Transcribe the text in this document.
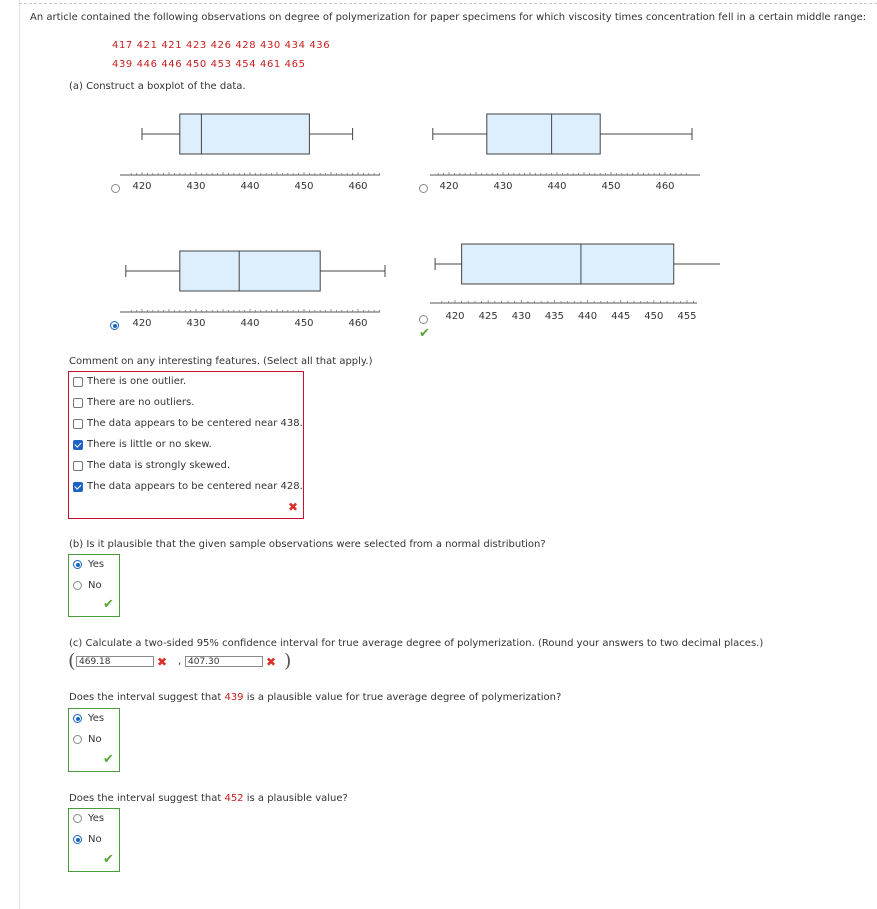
An article contained the following observations on degree of polymerization for paper specimens for which viscosity times concentration fell in a certain middle range:
417 421 421 423 426 428 430 434 436
439 446 446 450 453 454 461 465
(a) Construct a boxplot of the data.
420	430	440	450	460	420	430	440	450	460
420	430	440	450	460
420 425 430 435 440 445 450 455
✔
Comment on any interesting features. (Select all that apply.)
There is one outlier.
There are no outliers.
The data appears to be centered near 438.
There is little or no skew.
The data is strongly skewed.
The data appears to be centered near 428.
✖
(b) Is it plausible that the given sample observations were selected from a normal distribution?
Yes
No
✔
(c) Calculate a two-sided 95% confidence interval for true average degree of polymerization. (Round your answers to two decimal places.)
( 469.18	✖ , 407.30	✖ )
Does the interval suggest that 439 is a plausible value for true average degree of polymerization?
Yes
No
✔
Does the interval suggest that 452 is a plausible value?
Yes
No
✔
